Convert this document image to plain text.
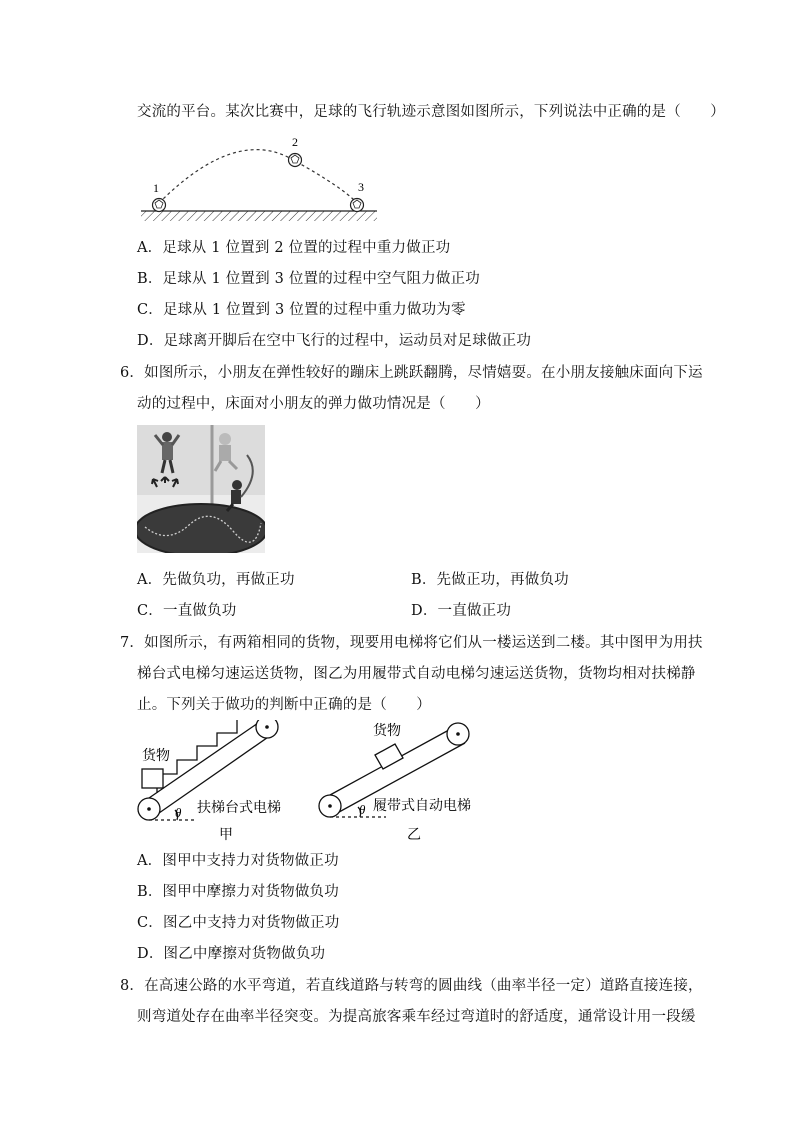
交流的平台。某次比赛中，足球的飞行轨迹示意图如图所示，下列说法中正确的是（　　）
1
2
3
A．足球从 1 位置到 2 位置的过程中重力做正功
B．足球从 1 位置到 3 位置的过程中空气阻力做正功
C．足球从 1 位置到 3 位置的过程中重力做功为零
D．足球离开脚后在空中飞行的过程中，运动员对足球做正功
6．如图所示，小朋友在弹性较好的蹦床上跳跃翻腾，尽情嬉耍。在小朋友接触床面向下运
动的过程中，床面对小朋友的弹力做功情况是（　　）
A．先做负功，再做正功	B．先做正功，再做负功
C．一直做负功	D．一直做正功
7．如图所示，有两箱相同的货物，现要用电梯将它们从一楼运送到二楼。其中图甲为用扶
梯台式电梯匀速运送货物，图乙为用履带式自动电梯匀速运送货物，货物均相对扶梯静
止。下列关于做功的判断中正确的是（　　）
货物
θ 扶梯台式电梯
甲
货物
θ 履带式自动电梯
乙
A．图甲中支持力对货物做正功
B．图甲中摩擦力对货物做负功
C．图乙中支持力对货物做正功
D．图乙中摩擦对货物做负功
8．在高速公路的水平弯道，若直线道路与转弯的圆曲线（曲率半径一定）道路直接连接，
则弯道处存在曲率半径突变。为提高旅客乘车经过弯道时的舒适度，通常设计用一段缓
